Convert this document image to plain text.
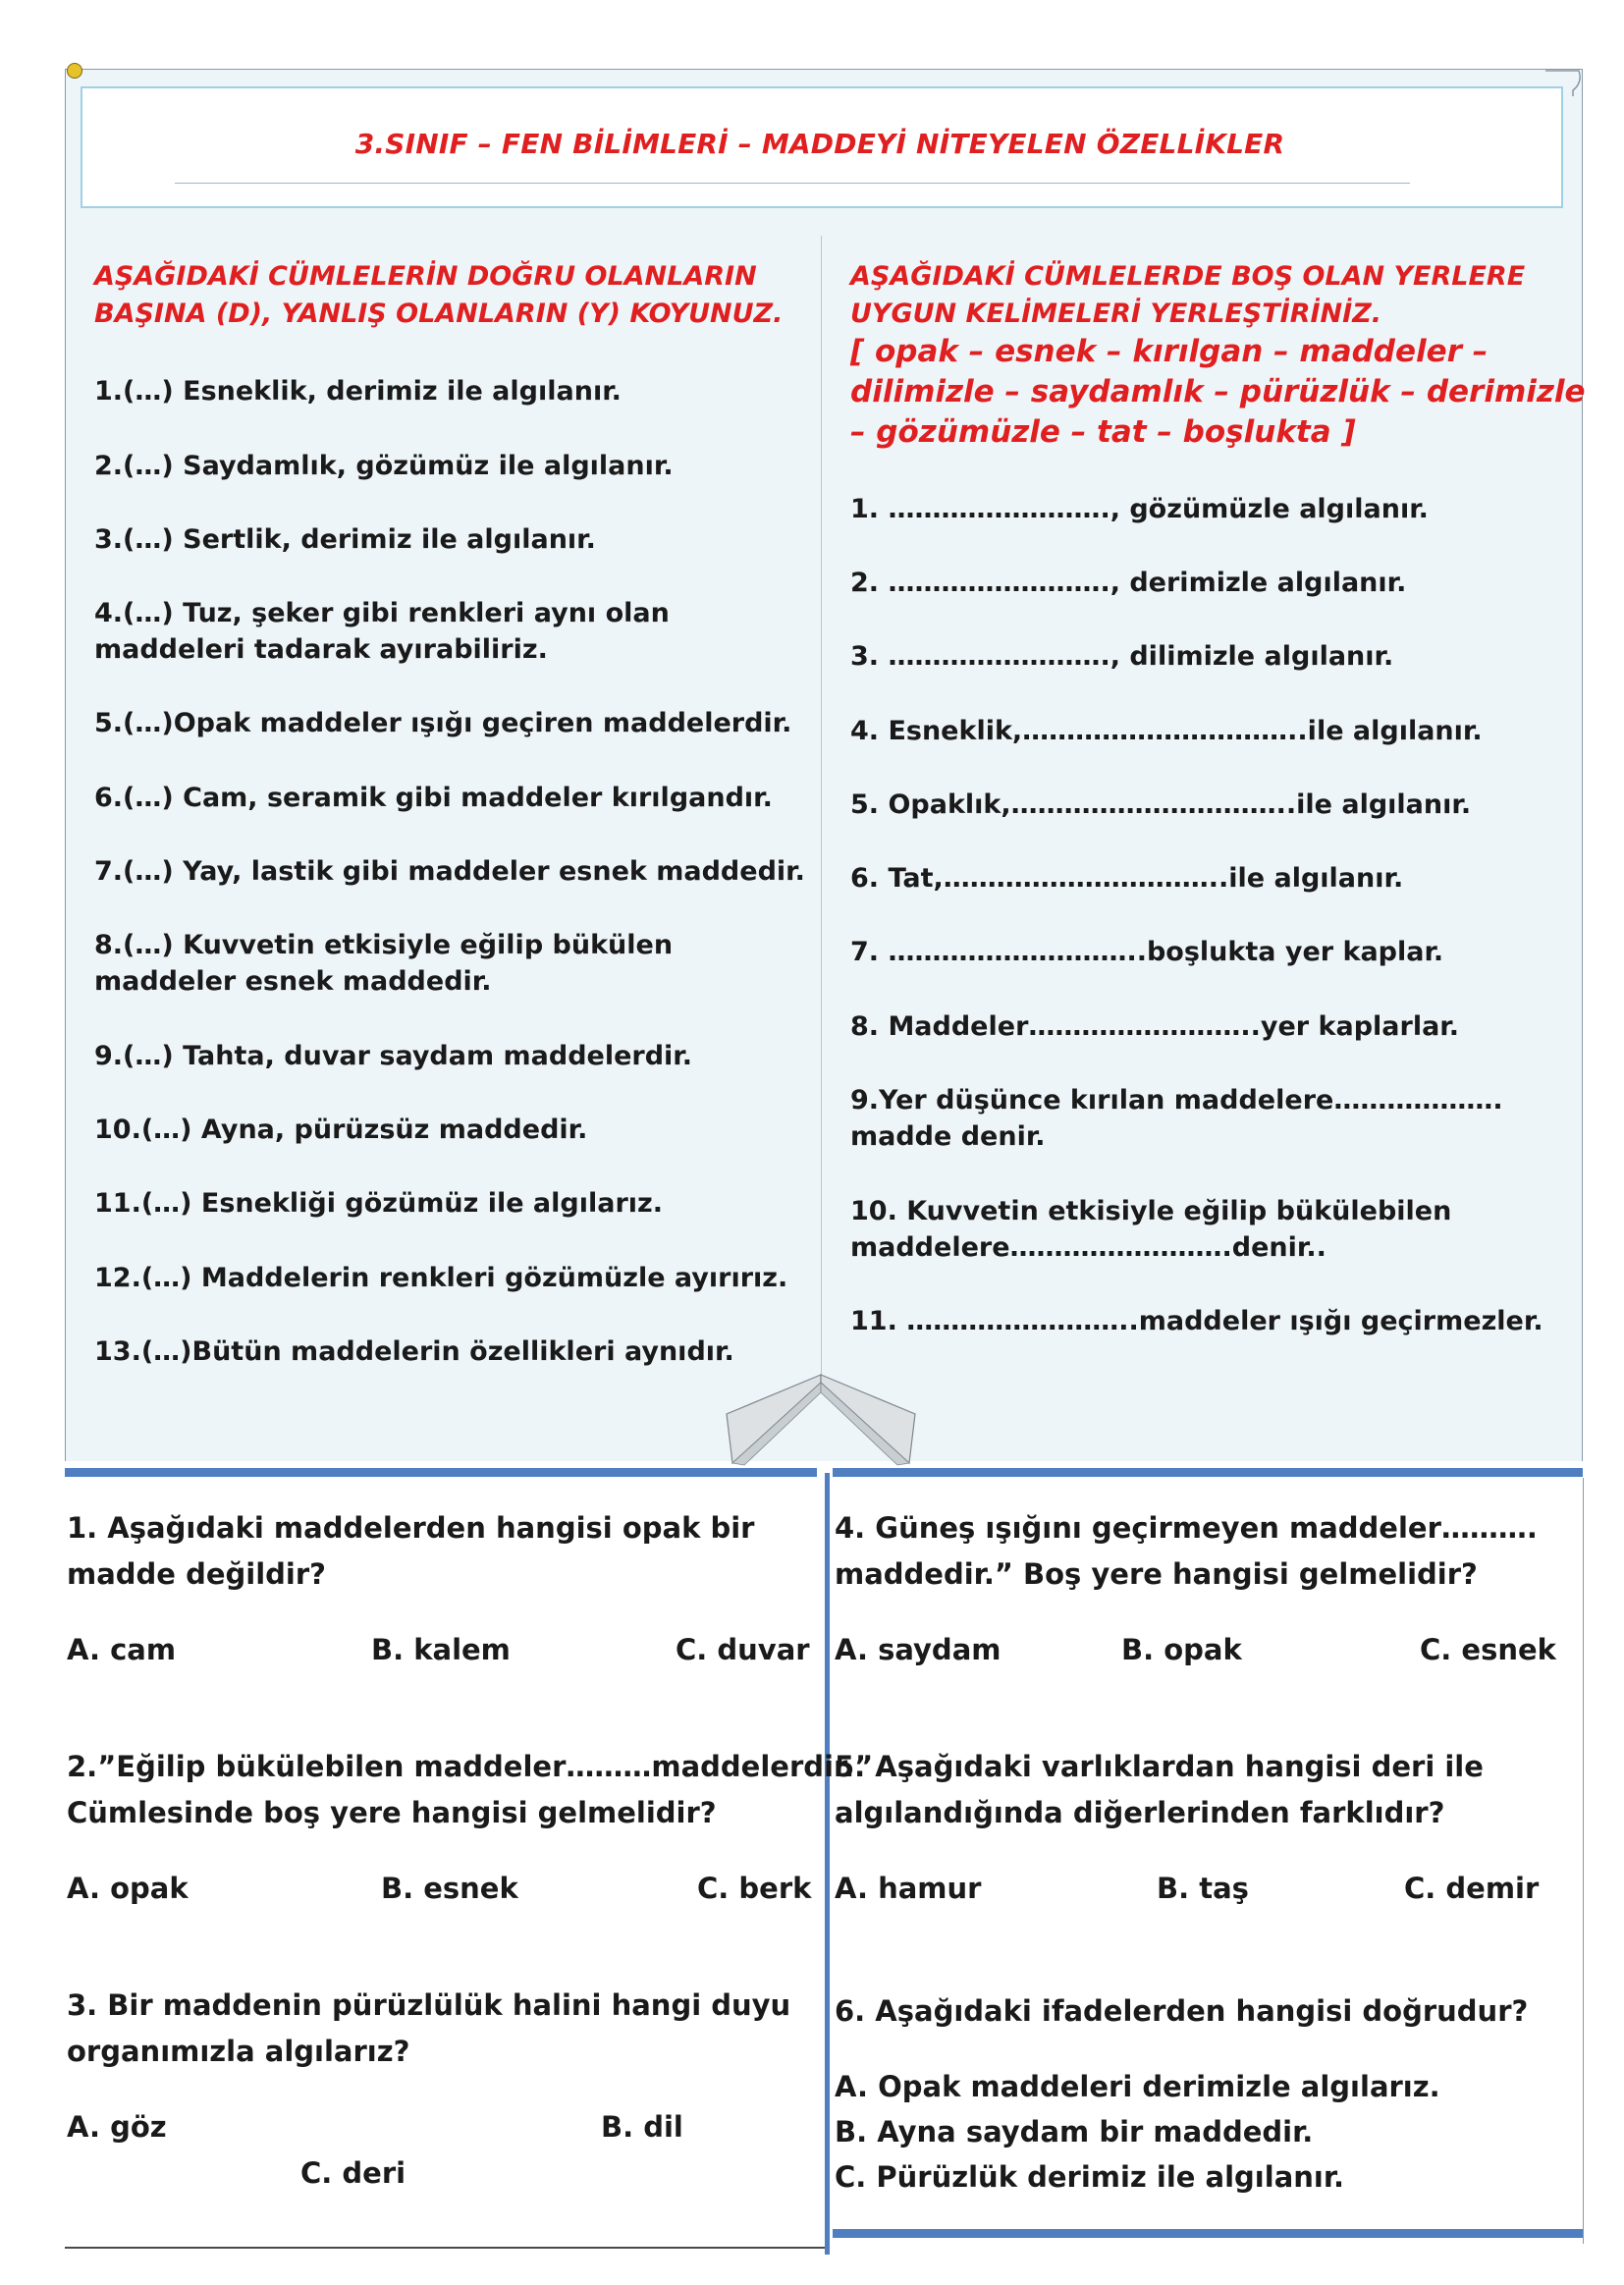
3.SINIF – FEN BİLİMLERİ – MADDEYİ NİTEYELEN ÖZELLİKLER
AŞAĞIDAKİ CÜMLELERİN DOĞRU OLANLARIN
BAŞINA (D), YANLIŞ OLANLARIN (Y) KOYUNUZ.
1.(…) Esneklik, derimiz ile algılanır.
2.(…) Saydamlık, gözümüz ile algılanır.
3.(…) Sertlik, derimiz ile algılanır.
4.(…) Tuz, şeker gibi renkleri aynı olan
maddeleri tadarak ayırabiliriz.
5.(…)Opak maddeler ışığı geçiren maddelerdir.
6.(…) Cam, seramik gibi maddeler kırılgandır.
7.(…) Yay, lastik gibi maddeler esnek maddedir.
8.(…) Kuvvetin etkisiyle eğilip bükülen
maddeler esnek maddedir.
9.(…) Tahta, duvar saydam maddelerdir.
10.(…) Ayna, pürüzsüz maddedir.
11.(…) Esnekliği gözümüz ile algılarız.
12.(…) Maddelerin renkleri gözümüzle ayırırız.
13.(…)Bütün maddelerin özellikleri aynıdır.
AŞAĞIDAKİ CÜMLELERDE BOŞ OLAN YERLERE
UYGUN KELİMELERİ YERLEŞTİRİNİZ.
[ opak – esnek – kırılgan – maddeler –
dilimizle – saydamlık – pürüzlük – derimizle
– gözümüzle – tat – boşlukta ]
1. ……………………., gözümüzle algılanır.
2. ……………………., derimizle algılanır.
3. ……………………., dilimizle algılanır.
4. Esneklik,…………………………..ile algılanır.
5. Opaklık,…………………………..ile algılanır.
6. Tat,…………………………..ile algılanır.
7. ………………………..boşlukta yer kaplar.
8. Maddeler……………………..yer kaplarlar.
9.Yer düşünce kırılan maddelere……………….
madde denir.
10. Kuvvetin etkisiyle eğilip bükülebilen
maddelere…………………….denir..
11. ……………………..maddeler ışığı geçirmezler.
1. Aşağıdaki maddelerden hangisi opak bir
madde değildir?
A. cam	B. kalem	C. duvar
2.”Eğilip bükülebilen maddeler………maddelerdir.”
Cümlesinde boş yere hangisi gelmelidir?
A. opak	B. esnek	C. berk
3. Bir maddenin pürüzlülük halini hangi duyu
organımızla algılarız?
A. göz	B. dil
C. deri
4. Güneş ışığını geçirmeyen maddeler……….
maddedir.” Boş yere hangisi gelmelidir?
A. saydam	B. opak	C. esnek
5. Aşağıdaki varlıklardan hangisi deri ile
algılandığında diğerlerinden farklıdır?
A. hamur	B. taş	C. demir
6. Aşağıdaki ifadelerden hangisi doğrudur?
A. Opak maddeleri derimizle algılarız.
B. Ayna saydam bir maddedir.
C. Pürüzlük derimiz ile algılanır.
